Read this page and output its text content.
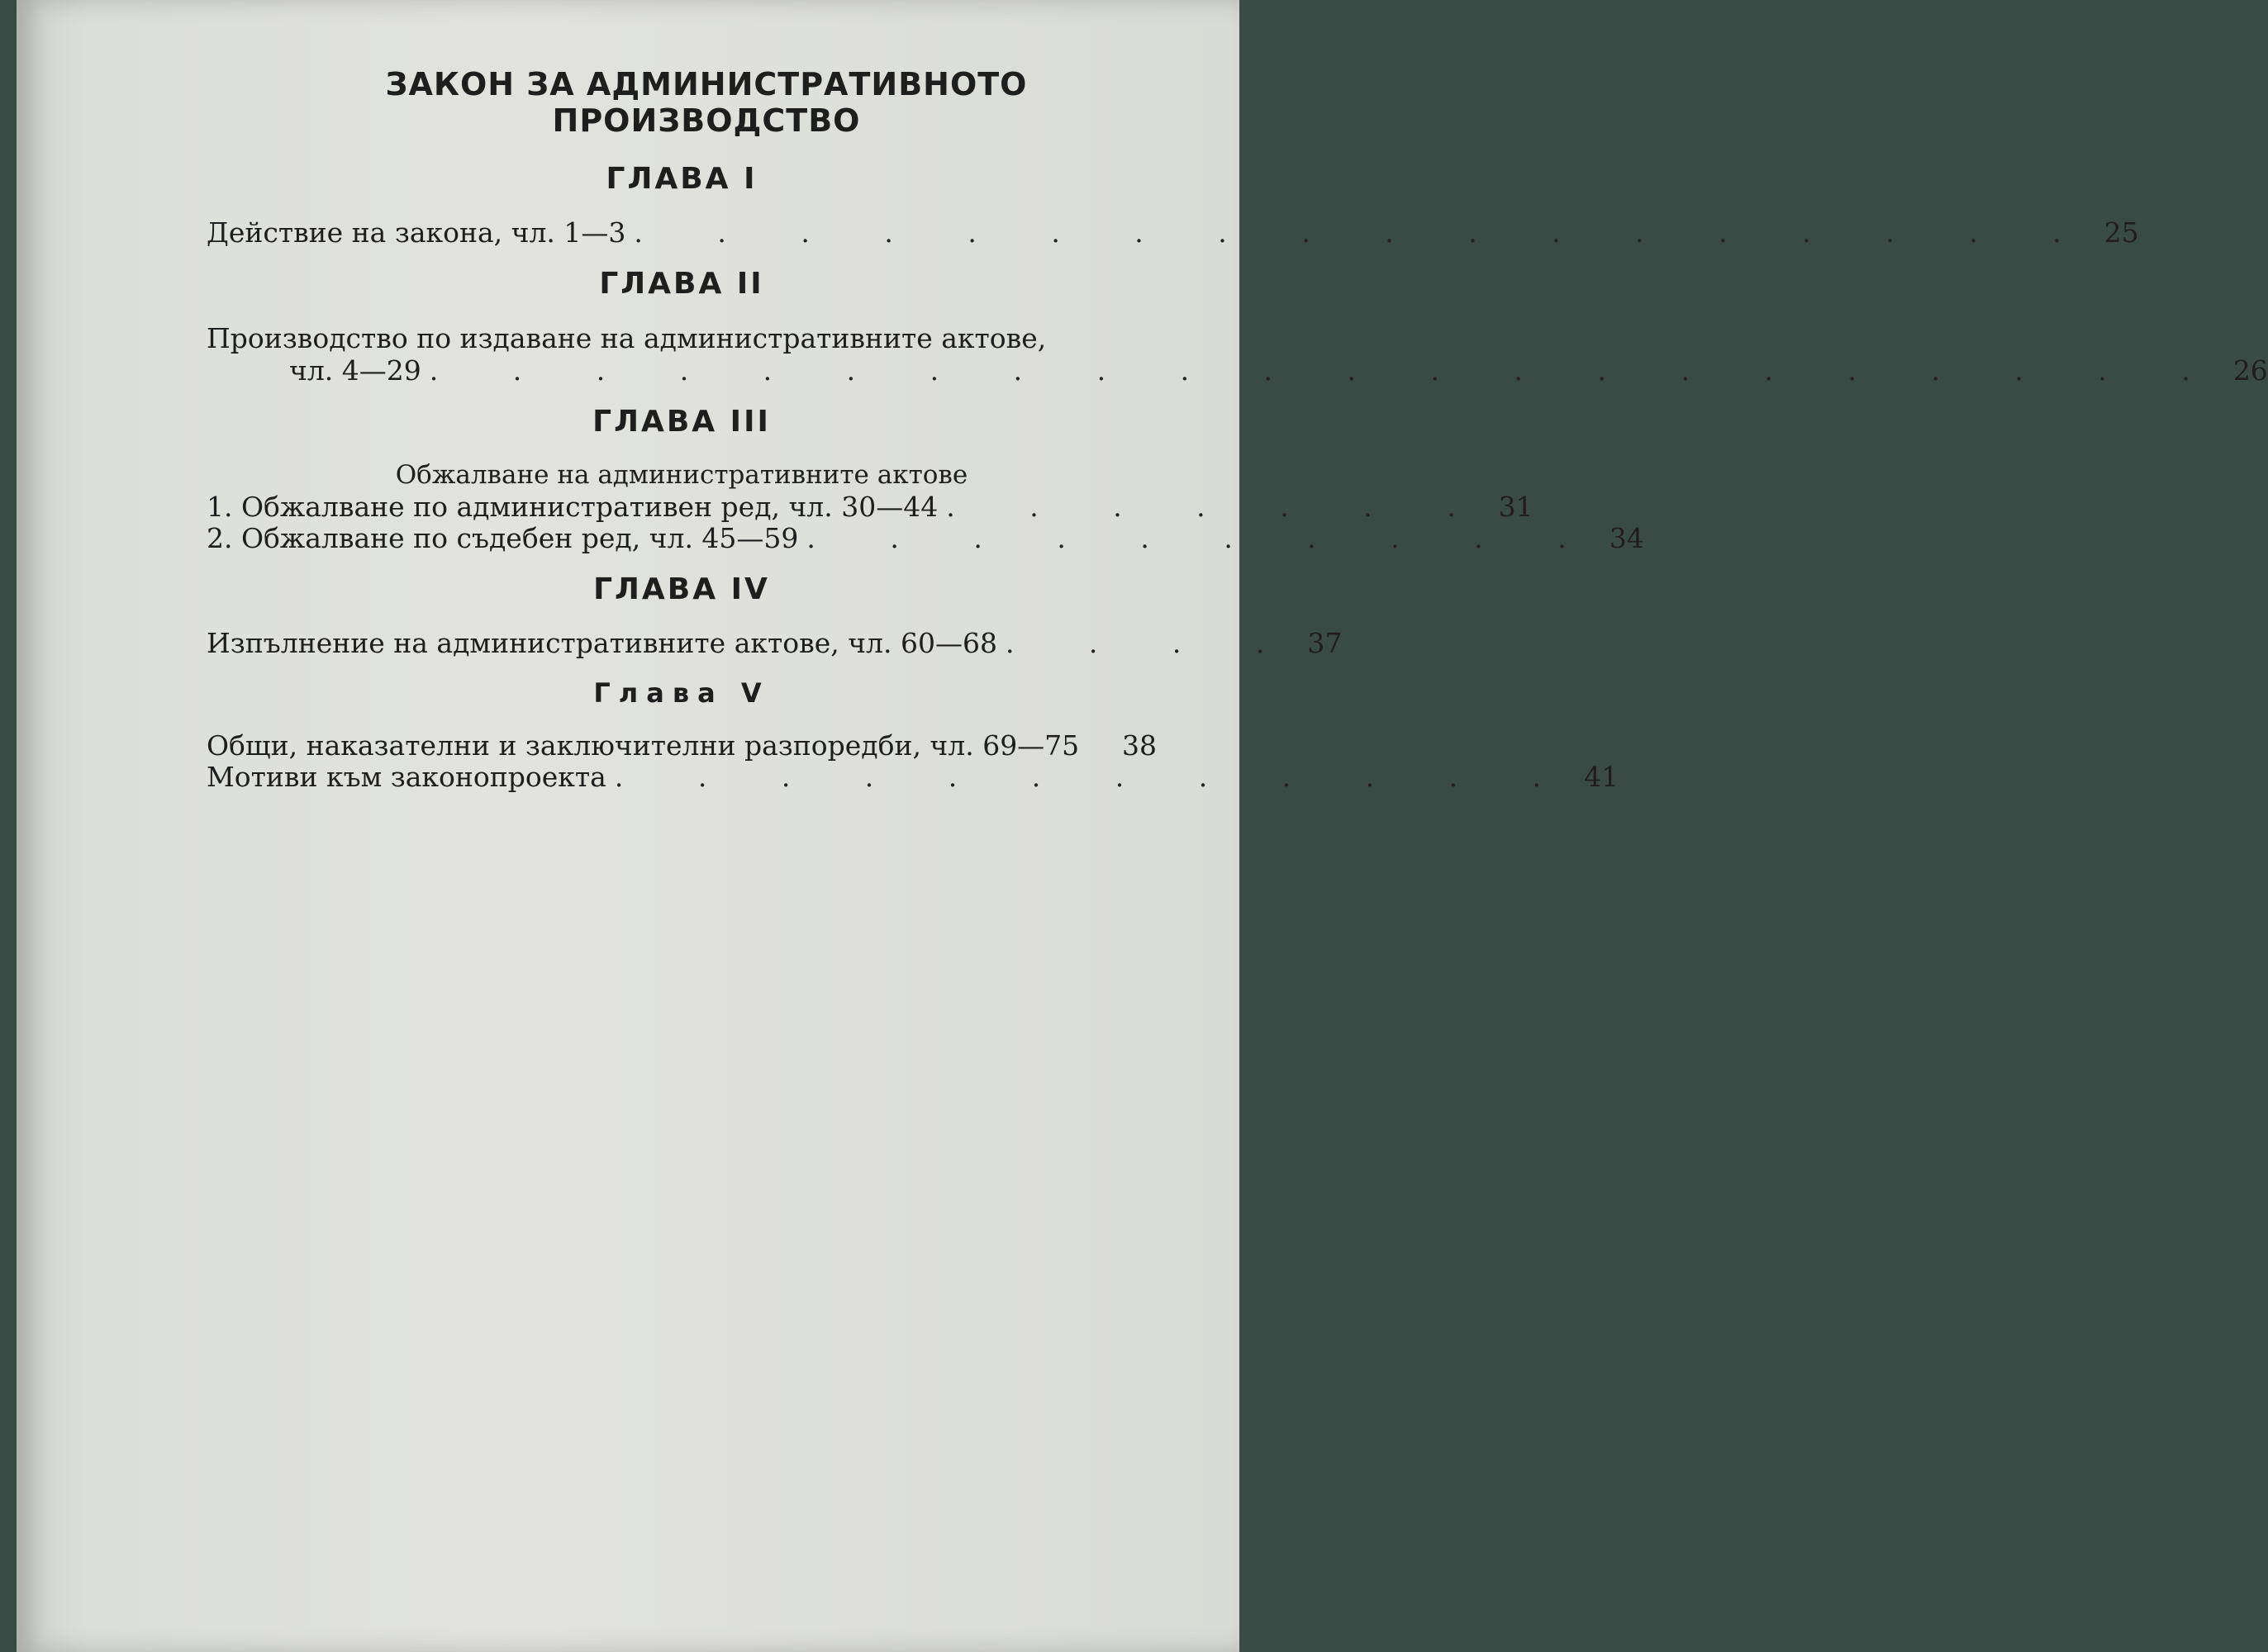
ЗАКОН ЗА АДМИНИСТРАТИВНОТО ПРОИЗВОДСТВО
ГЛАВА I
Действие на закона, чл. 1—3 . . . . . . . . . . . . . . . . . . 25
ГЛАВА II
Производство по издаване на административните актове,
чл. 4—29 . . . . . . . . . . . . . . . . . . . . . . 26
ГЛАВА III
Обжалване на административните актове
1. Обжалване по административен ред, чл. 30—44 . . . . . . . 31
2. Обжалване по съдебен ред, чл. 45—59 . . . . . . . . . . 34
ГЛАВА IV
Изпълнение на административните актове, чл. 60—68 . . . . 37
Глава V
Общи, наказателни и заключителни разпоредби, чл. 69—75	38
Мотиви към законопроекта . . . . . . . . . . . . 41
